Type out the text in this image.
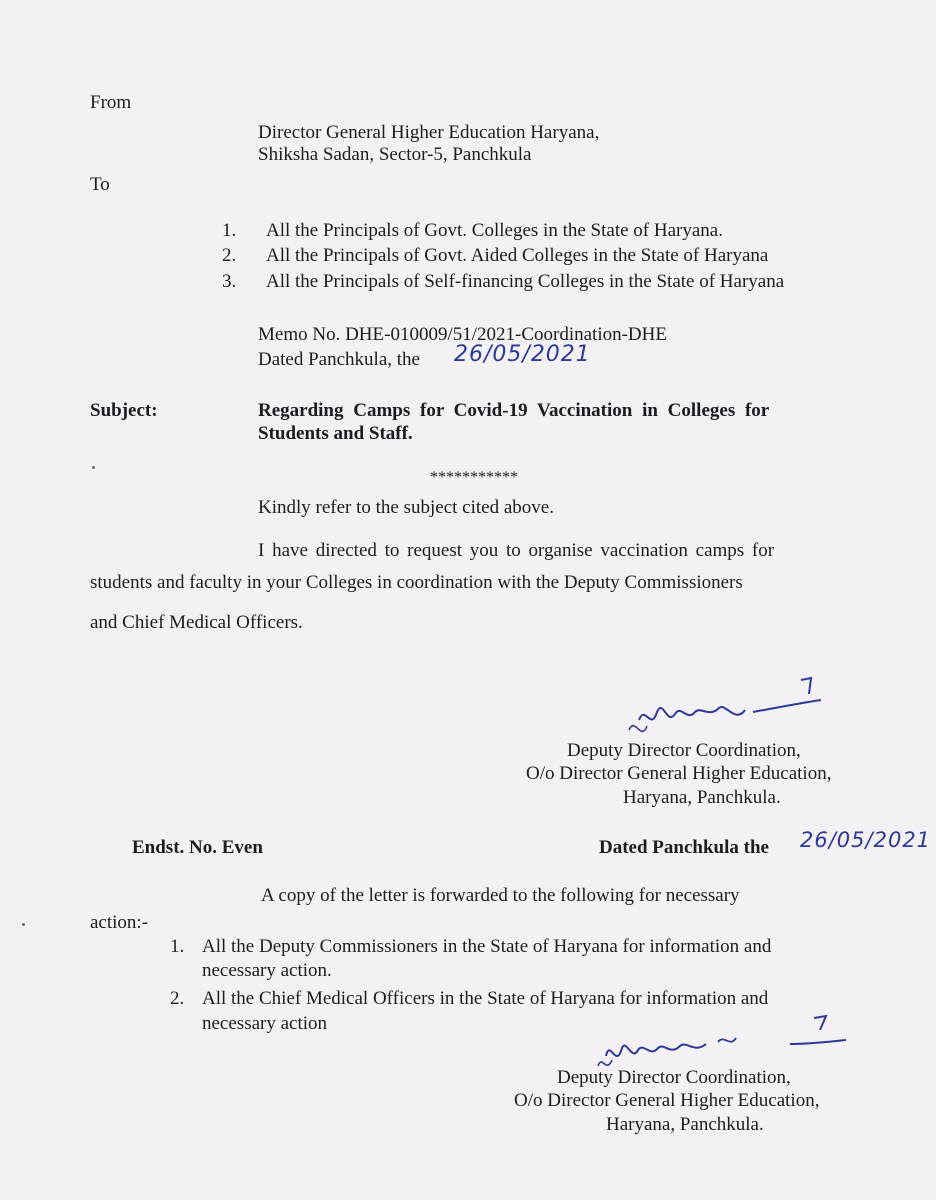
From
Director General Higher Education Haryana,
Shiksha Sadan, Sector-5, Panchkula
To
1. All the Principals of Govt. Colleges in the State of Haryana.
2. All the Principals of Govt. Aided Colleges in the State of Haryana
3. All the Principals of Self-financing Colleges in the State of Haryana
Memo No. DHE-010009/51/2021-Coordination-DHE
Dated Panchkula, the 26/05/2021
Subject:	Regarding Camps for Covid-19 Vaccination in Colleges for
Students and Staff.
***********
Kindly refer to the subject cited above.
I have directed to request you to organise vaccination camps for
students and faculty in your Colleges in coordination with the Deputy Commissioners
and Chief Medical Officers.
Deputy Director Coordination,
O/o Director General Higher Education,
Haryana, Panchkula.
Endst. No. Even	Dated Panchkula the 26/05/2021
A copy of the letter is forwarded to the following for necessary
action:-
1. All the Deputy Commissioners in the State of Haryana for information and
necessary action.
2. All the Chief Medical Officers in the State of Haryana for information and
necessary action
Deputy Director Coordination,
O/o Director General Higher Education,
Haryana, Panchkula.
